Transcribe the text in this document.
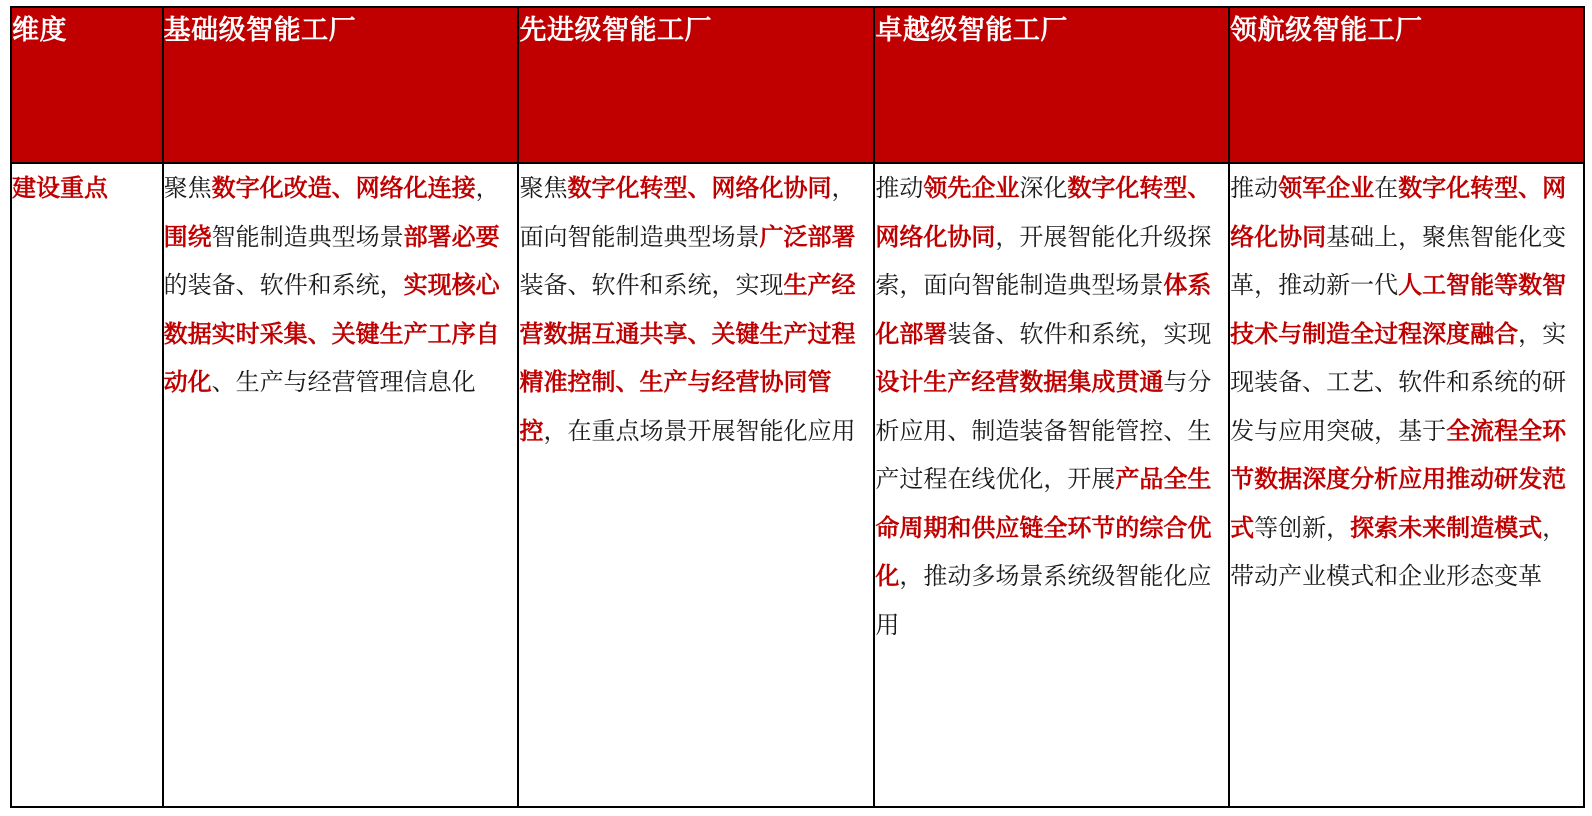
维度	基础级智能工厂	先进级智能工厂	卓越级智能工厂	领航级智能工厂
建设重点	聚焦数字化改造、网络化连接，围绕智能制造典型场景部署必要的装备、软件和系统，实现核心数据实时采集、关键生产工序自动化、生产与经营管理信息化	聚焦数字化转型、网络化协同，面向智能制造典型场景广泛部署装备、软件和系统，实现生产经营数据互通共享、关键生产过程精准控制、生产与经营协同管控，在重点场景开展智能化应用	推动领先企业深化数字化转型、网络化协同，开展智能化升级探索，面向智能制造典型场景体系化部署装备、软件和系统，实现设计生产经营数据集成贯通与分析应用、制造装备智能管控、生产过程在线优化，开展产品全生命周期和供应链全环节的综合优化，推动多场景系统级智能化应用	推动领军企业在数字化转型、网络化协同基础上，聚焦智能化变革，推动新一代人工智能等数智技术与制造全过程深度融合，实现装备、工艺、软件和系统的研发与应用突破，基于全流程全环节数据深度分析应用推动研发范式等创新，探索未来制造模式，带动产业模式和企业形态变革
